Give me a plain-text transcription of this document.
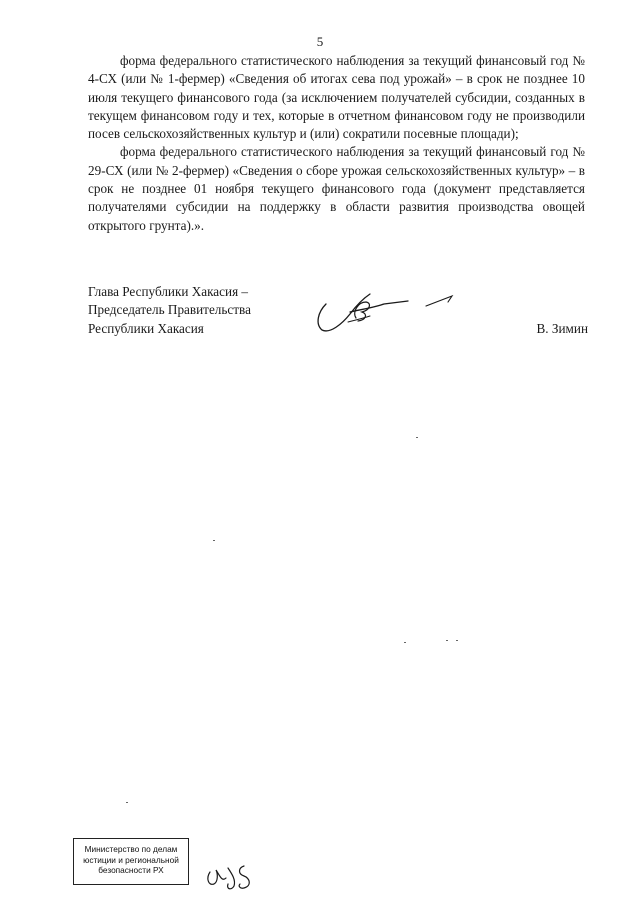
5

форма федерального статистического наблюдения за текущий финансовый год № 4-СХ (или № 1-фермер) «Сведения об итогах сева под урожай» – в срок не позднее 10 июля текущего финансового года (за исключением получателей субсидии, созданных в текущем финансовом году и тех, которые в отчетном финансовом году не производили посев сельскохозяйственных культур и (или) сократили посевные площади);

форма федерального статистического наблюдения за текущий финансовый год № 29-СХ (или № 2-фермер) «Сведения о сборе урожая сельскохозяйственных культур» – в срок не позднее 01 ноября текущего финансового года (документ представляется получателями субсидии на поддержку в области развития производства овощей открытого грунта).».

Глава Республики Хакасия –
Председатель Правительства
Республики Хакасия	В. Зимин
Министерство по делам
юстиции и региональной
безопасности РХ
